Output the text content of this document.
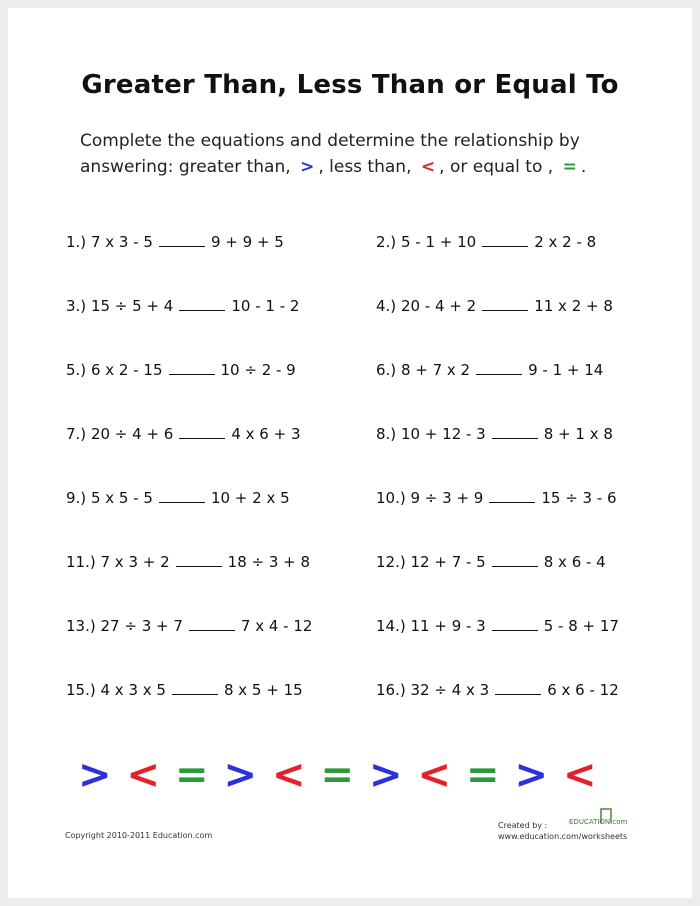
Greater Than, Less Than or Equal To
Complete the equations and determine the relationship by
answering: greater than, > , less than, < , or equal to , = .
1.) 7 x 3 - 5	9 + 9 + 5	2.) 5 - 1 + 10	2 x 2 - 8
3.) 15 ÷ 5 + 4	10 - 1 - 2	4.) 20 - 4 + 2	11 x 2 + 8
5.) 6 x 2 - 15	10 ÷ 2 - 9	6.) 8 + 7 x 2	9 - 1 + 14
7.) 20 ÷ 4 + 6	4 x 6 + 3	8.) 10 + 12 - 3	8 + 1 x 8
9.) 5 x 5 - 5	10 + 2 x 5	10.) 9 ÷ 3 + 9	15 ÷ 3 - 6
11.) 7 x 3 + 2	18 ÷ 3 + 8	12.) 12 + 7 - 5	8 x 6 - 4
13.) 27 ÷ 3 + 7	7 x 4 - 12	14.) 11 + 9 - 3	5 - 8 + 17
15.) 4 x 3 x 5	8 x 5 + 15	16.) 32 ÷ 4 x 3	6 x 6 - 12
> < = > < = > < = > <
Copyright 2010-2011 Education.com
EDUCATION.com
Created by :
www.education.com/worksheets
